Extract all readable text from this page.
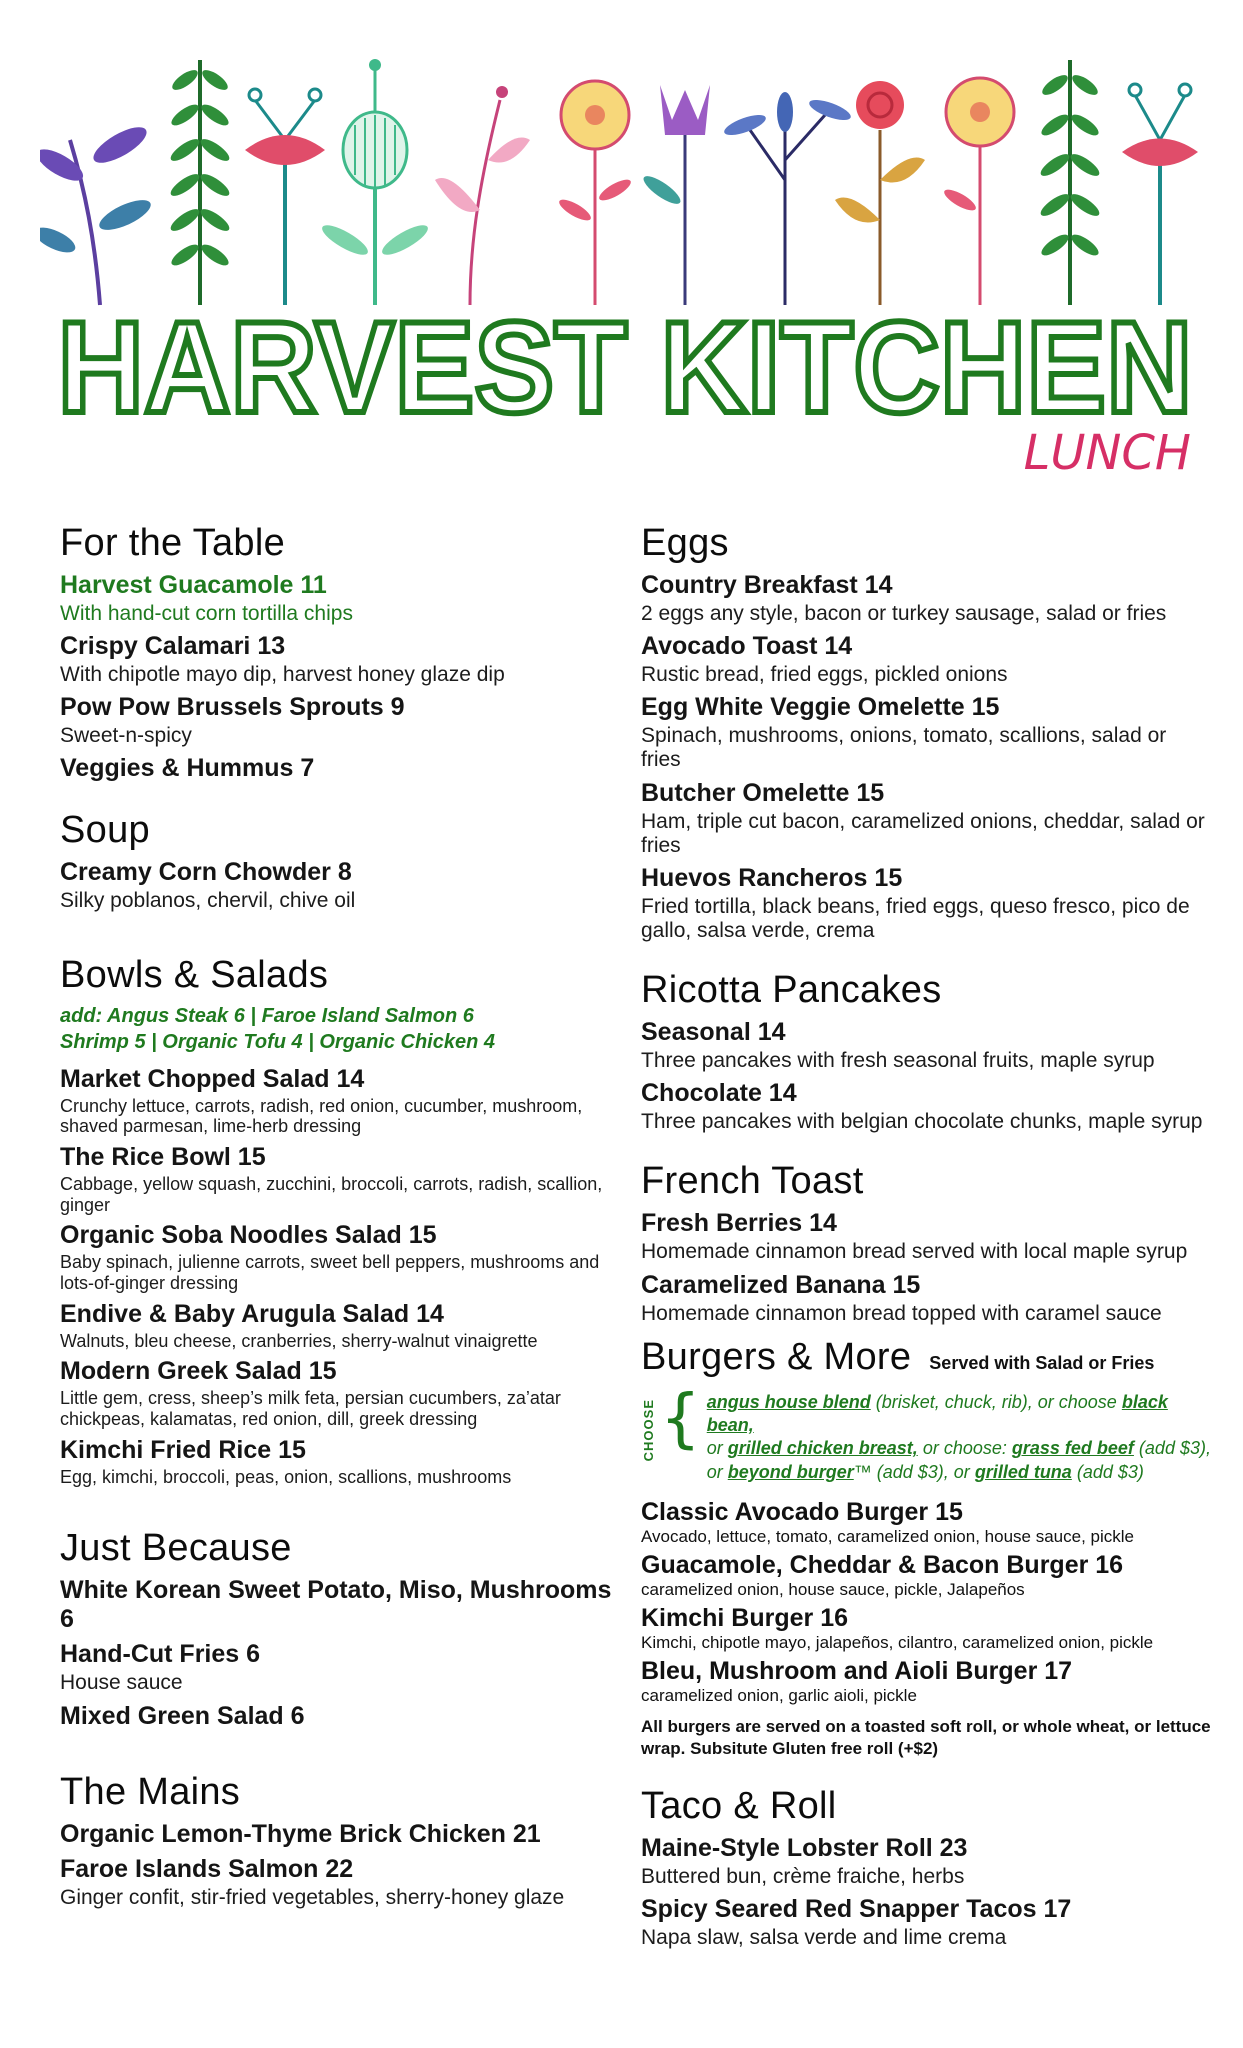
HARVEST KITCHEN
LUNCH
For the Table
Harvest Guacamole 11
With hand-cut corn tortilla chips
Crispy Calamari 13
With chipotle mayo dip, harvest honey glaze dip
Pow Pow Brussels Sprouts 9
Sweet-n-spicy
Veggies & Hummus 7
Soup
Creamy Corn Chowder 8
Silky poblanos, chervil, chive oil
Bowls & Salads
add: Angus Steak 6 | Faroe Island Salmon 6
Shrimp 5 | Organic Tofu 4 | Organic Chicken 4
Market Chopped Salad 14
Crunchy lettuce, carrots, radish, red onion, cucumber, mushroom, shaved parmesan, lime-herb dressing
The Rice Bowl 15
Cabbage, yellow squash, zucchini, broccoli, carrots, radish, scallion, ginger
Organic Soba Noodles Salad 15
Baby spinach, julienne carrots, sweet bell peppers, mushrooms and lots-of-ginger dressing
Endive & Baby Arugula Salad 14
Walnuts, bleu cheese, cranberries, sherry-walnut vinaigrette
Modern Greek Salad 15
Little gem, cress, sheep’s milk feta, persian cucumbers, za’atar chickpeas, kalamatas, red onion, dill, greek dressing
Kimchi Fried Rice 15
Egg, kimchi, broccoli, peas, onion, scallions, mushrooms
Just Because
White Korean Sweet Potato, Miso, Mushrooms 6
Hand-Cut Fries 6
House sauce
Mixed Green Salad 6
The Mains
Organic Lemon-Thyme Brick Chicken 21
Faroe Islands Salmon 22
Ginger confit, stir-fried vegetables, sherry-honey glaze
Eggs
Country Breakfast 14
2 eggs any style, bacon or turkey sausage, salad or fries
Avocado Toast 14
Rustic bread, fried eggs, pickled onions
Egg White Veggie Omelette 15
Spinach, mushrooms, onions, tomato, scallions, salad or fries
Butcher Omelette 15
Ham, triple cut bacon, caramelized onions, cheddar, salad or fries
Huevos Rancheros 15
Fried tortilla, black beans, fried eggs, queso fresco, pico de gallo, salsa verde, crema
Ricotta Pancakes
Seasonal 14
Three pancakes with fresh seasonal fruits, maple syrup
Chocolate 14
Three pancakes with belgian chocolate chunks, maple syrup
French Toast
Fresh Berries 14
Homemade cinnamon bread served with local maple syrup
Caramelized Banana 15
Homemade cinnamon bread topped with caramel sauce
Burgers & More Served with Salad or Fries
CHOOSE { angus house blend (brisket, chuck, rib), or choose black bean,
or grilled chicken breast, or choose: grass fed beef (add $3),
or beyond burger™ (add $3), or grilled tuna (add $3)
Classic Avocado Burger 15
Avocado, lettuce, tomato, caramelized onion, house sauce, pickle
Guacamole, Cheddar & Bacon Burger 16
caramelized onion, house sauce, pickle, Jalapeños
Kimchi Burger 16
Kimchi, chipotle mayo, jalapeños, cilantro, caramelized onion, pickle
Bleu, Mushroom and Aioli Burger 17
caramelized onion, garlic aioli, pickle
All burgers are served on a toasted soft roll, or whole wheat, or lettuce wrap. Subsitute Gluten free roll (+$2)
Taco & Roll
Maine-Style Lobster Roll 23
Buttered bun, crème fraiche, herbs
Spicy Seared Red Snapper Tacos 17
Napa slaw, salsa verde and lime crema
